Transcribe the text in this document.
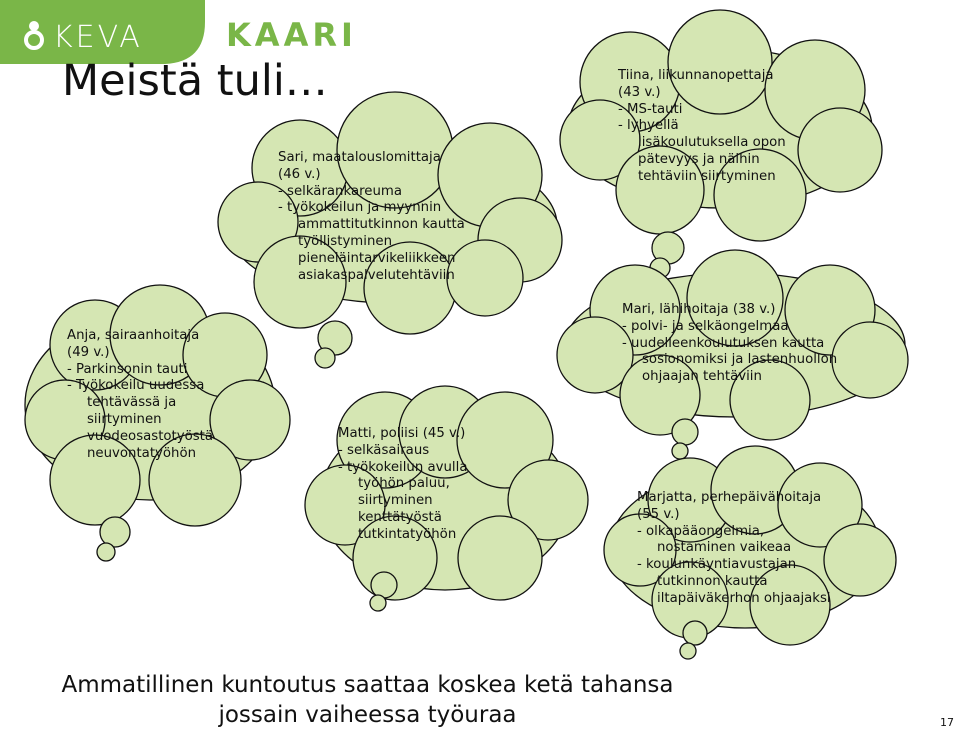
KEVA	KAARI
Meistä tuli…
Sari, maatalouslomittaja
(46 v.)
- selkärankareuma
- työkokeilun ja myynnin
ammattitutkinnon kautta
työllistyminen
pieneläintarvikeliikkeen
asiakaspalvelutehtäviin
Tiina, liikunnanopettaja
(43 v.)
- MS-tauti
- lyhyellä
lisäkoulutuksella opon
pätevyys ja näihin
tehtäviin siirtyminen
Anja, sairaanhoitaja
(49 v.)
- Parkinsonin tauti
- Työkokeilu uudessa
tehtävässä ja
siirtyminen
vuodeosastotyöstä
neuvontatyöhön
Mari, lähihoitaja (38 v.)
- polvi- ja selkäongelmaa
- uudelleenkoulutuksen kautta
sosionomiksi ja lastenhuollon
ohjaajan tehtäviin
Matti, poliisi (45 v.)
- selkäsairaus
- työkokeilun avulla
työhön paluu,
siirtyminen
kenttätyöstä
tutkintatyöhön
Marjatta, perhepäivähoitaja
(55 v.)
- olkapääongelmia,
nostaminen vaikeaa
- koulunkäyntiavustajan
tutkinnon kautta
iltapäiväkerhon ohjaajaksi
Ammatillinen kuntoutus saattaa koskea ketä tahansa
jossain vaiheessa työuraa	17
